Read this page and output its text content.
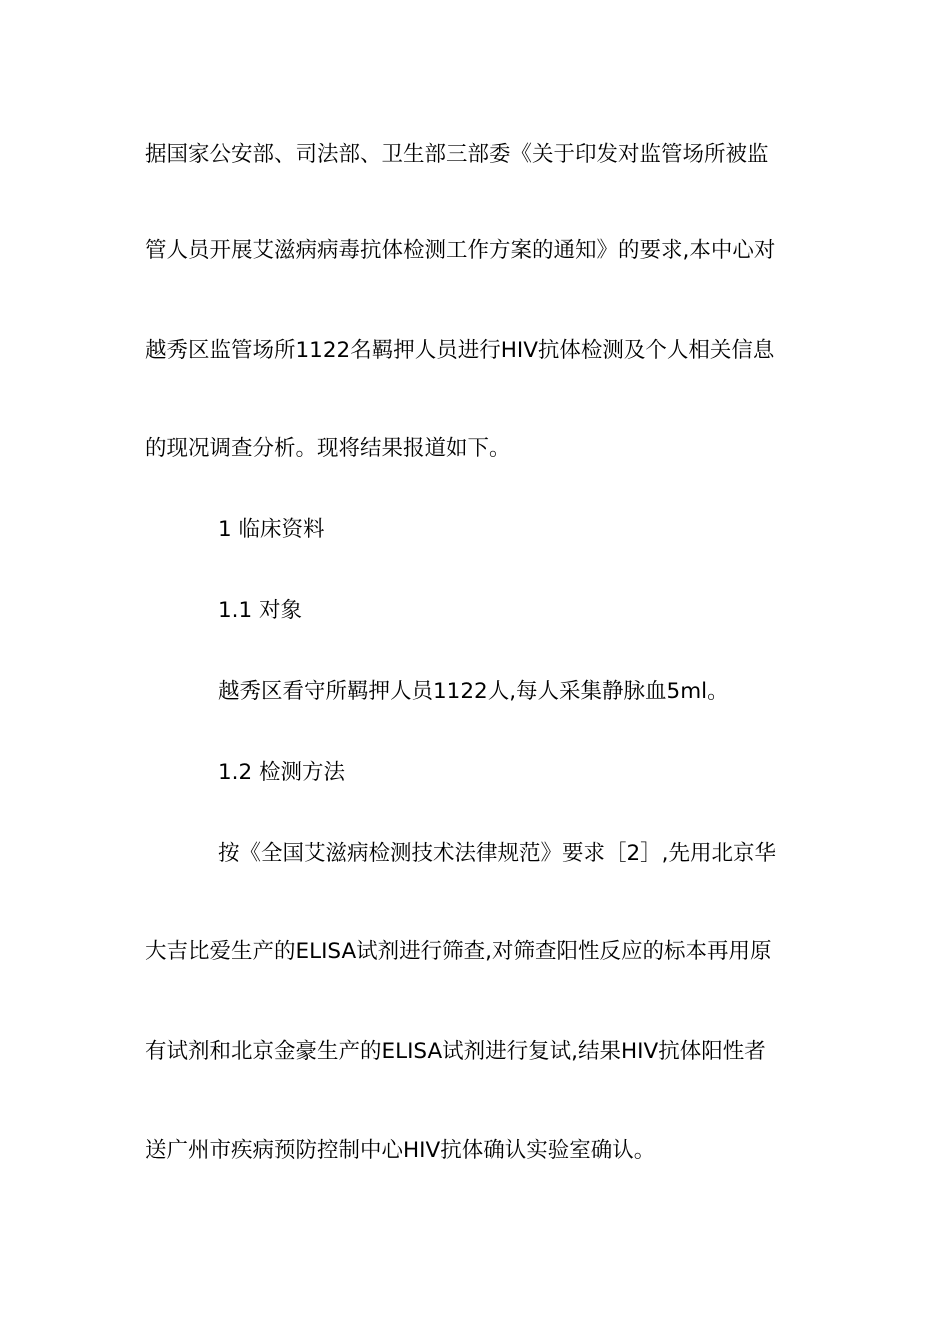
据国家公安部、司法部、卫生部三部委《关于印发对监管场所被监
管人员开展艾滋病病毒抗体检测工作方案的通知》的要求,本中心对
越秀区监管场所1122名羁押人员进行HIV抗体检测及个人相关信息
的现况调查分析。现将结果报道如下。
1 临床资料
1.1 对象
越秀区看守所羁押人员1122人,每人采集静脉血5ml。
1.2 检测方法
按《全国艾滋病检测技术法律规范》要求［2］,先用北京华
大吉比爱生产的ELISA试剂进行筛查,对筛查阳性反应的标本再用原
有试剂和北京金豪生产的ELISA试剂进行复试,结果HIV抗体阳性者
送广州市疾病预防控制中心HIV抗体确认实验室确认。
